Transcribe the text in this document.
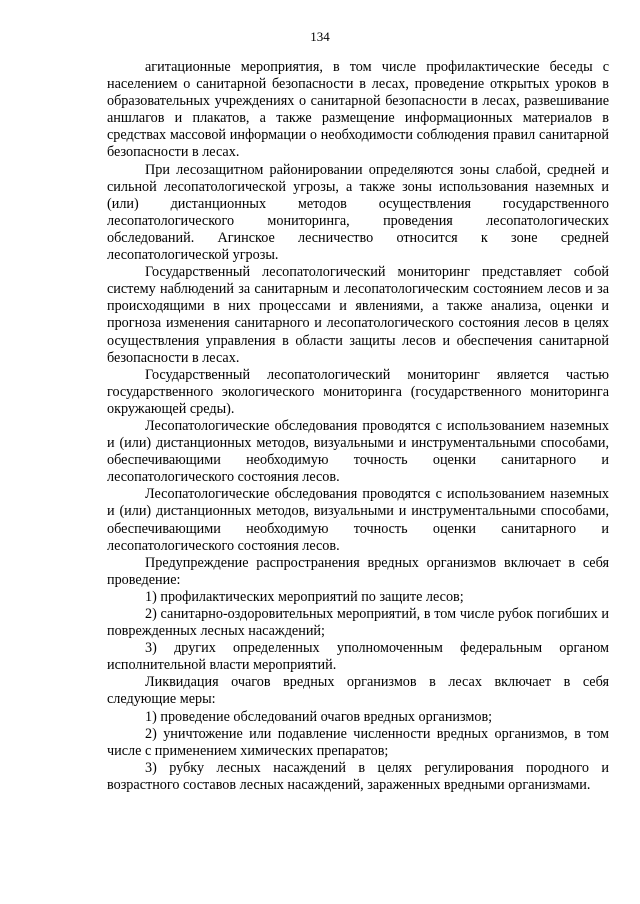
134

агитационные мероприятия, в том числе профилактические беседы с населением о санитарной безопасности в лесах, проведение открытых уроков в образовательных учреждениях о санитарной безопасности в лесах, развешивание аншлагов и плакатов, а также размещение информационных материалов в средствах массовой информации о необходимости соблюдения правил санитарной безопасности в лесах.

При лесозащитном районировании определяются зоны слабой, средней и сильной лесопатологической угрозы, а также зоны использования наземных и (или) дистанционных методов осуществления государственного лесопатологического мониторинга, проведения лесопатологических обследований. Агинское лесничество относится к зоне средней лесопатологической угрозы.

Государственный лесопатологический мониторинг представляет собой систему наблюдений за санитарным и лесопатологическим состоянием лесов и за происходящими в них процессами и явлениями, а также анализа, оценки и прогноза изменения санитарного и лесопатологического состояния лесов в целях осуществления управления в области защиты лесов и обеспечения санитарной безопасности в лесах.

Государственный лесопатологический мониторинг является частью государственного экологического мониторинга (государственного мониторинга окружающей среды).

Лесопатологические обследования проводятся с использованием наземных и (или) дистанционных методов, визуальными и инструментальными способами, обеспечивающими необходимую точность оценки санитарного и лесопатологического состояния лесов.

Лесопатологические обследования проводятся с использованием наземных и (или) дистанционных методов, визуальными и инструментальными способами, обеспечивающими необходимую точность оценки санитарного и лесопатологического состояния лесов.

Предупреждение распространения вредных организмов включает в себя проведение:

1) профилактических мероприятий по защите лесов;

2) санитарно-оздоровительных мероприятий, в том числе рубок погибших и поврежденных лесных насаждений;

3) других определенных уполномоченным федеральным органом исполнительной власти мероприятий.

Ликвидация очагов вредных организмов в лесах включает в себя следующие меры:

1) проведение обследований очагов вредных организмов;

2) уничтожение или подавление численности вредных организмов, в том числе с применением химических препаратов;

3) рубку лесных насаждений в целях регулирования породного и возрастного составов лесных насаждений, зараженных вредными организмами.
